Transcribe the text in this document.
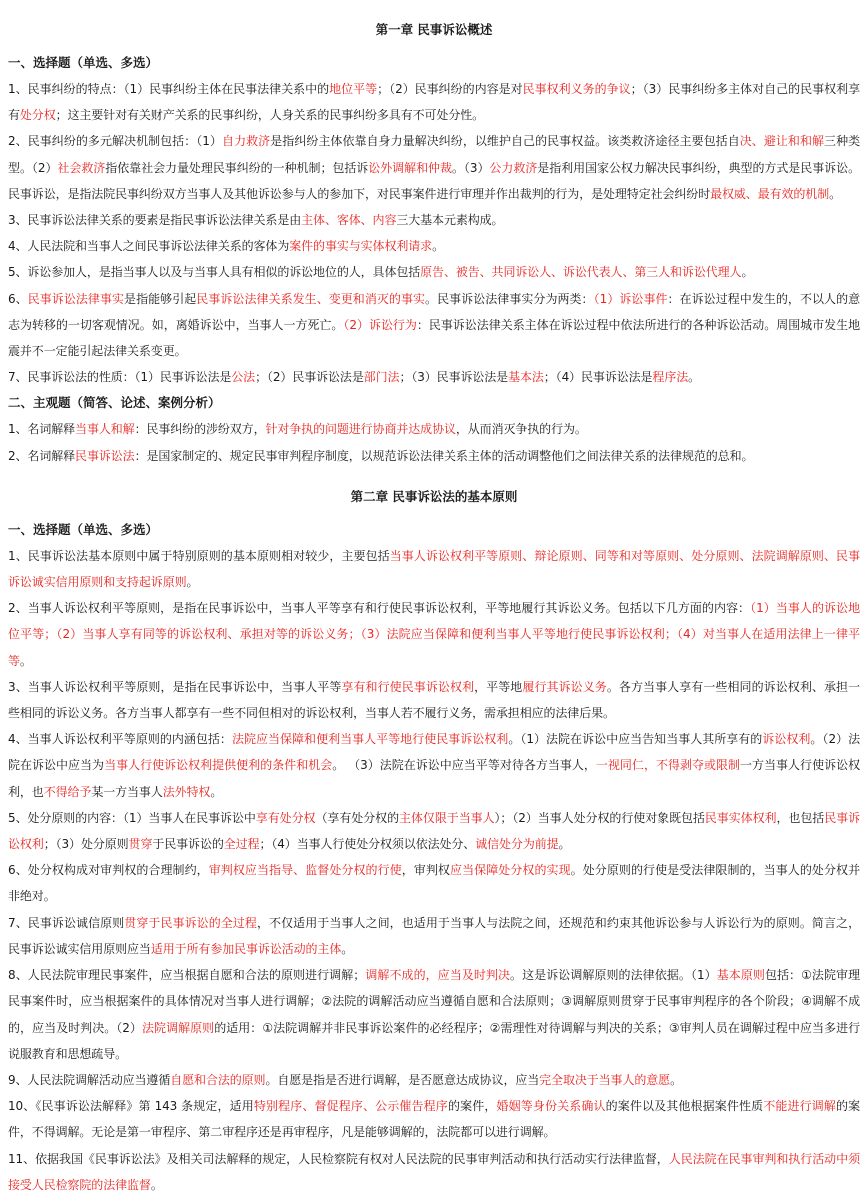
第一章 民事诉讼概述
一、选择题（单选、多选）

1、民事纠纷的特点：（1）民事纠纷主体在民事法律关系中的地位平等；（2）民事纠纷的内容是对民事权利义务的争议；（3）民事纠纷多主体对自己的民事权利享有处分权；这主要针对有关财产关系的民事纠纷，人身关系的民事纠纷多具有不可处分性。

2、民事纠纷的多元解决机制包括：（1）自力救济是指纠纷主体依靠自身力量解决纠纷，以维护自己的民事权益。该类救济途径主要包括自决、避让和和解三种类型。（2）社会救济指依靠社会力量处理民事纠纷的一种机制；包括诉讼外调解和仲裁。（3）公力救济是指利用国家公权力解决民事纠纷，典型的方式是民事诉讼。民事诉讼，是指法院民事纠纷双方当事人及其他诉讼参与人的参加下，对民事案件进行审理并作出裁判的行为，是处理特定社会纠纷时最权威、最有效的机制。

3、民事诉讼法律关系的要素是指民事诉讼法律关系是由主体、客体、内容三大基本元素构成。

4、人民法院和当事人之间民事诉讼法律关系的客体为案件的事实与实体权利请求。

5、诉讼参加人，是指当事人以及与当事人具有相似的诉讼地位的人，具体包括原告、被告、共同诉讼人、诉讼代表人、第三人和诉讼代理人。

6、民事诉讼法律事实是指能够引起民事诉讼法律关系发生、变更和消灭的事实。民事诉讼法律事实分为两类：（1）诉讼事件：在诉讼过程中发生的，不以人的意志为转移的一切客观情况。如，离婚诉讼中，当事人一方死亡。（2）诉讼行为：民事诉讼法律关系主体在诉讼过程中依法所进行的各种诉讼活动。周围城市发生地震并不一定能引起法律关系变更。

7、民事诉讼法的性质：（1）民事诉讼法是公法；（2）民事诉讼法是部门法；（3）民事诉讼法是基本法；（4）民事诉讼法是程序法。

二、主观题（简答、论述、案例分析）

1、名词解释当事人和解：民事纠纷的涉纷双方，针对争执的问题进行协商并达成协议，从而消灭争执的行为。

2、名词解释民事诉讼法：是国家制定的、规定民事审判程序制度，以规范诉讼法律关系主体的活动调整他们之间法律关系的法律规范的总和。

第二章 民事诉讼法的基本原则
一、选择题（单选、多选）

1、民事诉讼法基本原则中属于特别原则的基本原则相对较少，主要包括当事人诉讼权利平等原则、辩论原则、同等和对等原则、处分原则、法院调解原则、民事诉讼诚实信用原则和支持起诉原则。

2、当事人诉讼权利平等原则，是指在民事诉讼中，当事人平等享有和行使民事诉讼权利，平等地履行其诉讼义务。包括以下几方面的内容：（1）当事人的诉讼地位平等；（2）当事人享有同等的诉讼权利、承担对等的诉讼义务；（3）法院应当保障和便利当事人平等地行使民事诉讼权利；（4）对当事人在适用法律上一律平等。

3、当事人诉讼权利平等原则，是指在民事诉讼中，当事人平等享有和行使民事诉讼权利，平等地履行其诉讼义务。各方当事人享有一些相同的诉讼权利、承担一些相同的诉讼义务。各方当事人都享有一些不同但相对的诉讼权利，当事人若不履行义务，需承担相应的法律后果。

4、当事人诉讼权利平等原则的内涵包括：法院应当保障和便利当事人平等地行使民事诉讼权利。（1）法院在诉讼中应当告知当事人其所享有的诉讼权利。（2）法院在诉讼中应当为当事人行使诉讼权利提供便利的条件和机会。 （3）法院在诉讼中应当平等对待各方当事人，一视同仁，不得剥夺或限制一方当事人行使诉讼权利，也不得给予某一方当事人法外特权。

5、处分原则的内容：（1）当事人在民事诉讼中享有处分权（享有处分权的主体仅限于当事人）；（2）当事人处分权的行使对象既包括民事实体权利，也包括民事诉讼权利；（3）处分原则贯穿于民事诉讼的全过程；（4）当事人行使处分权须以依法处分、诚信处分为前提。

6、处分权构成对审判权的合理制约，审判权应当指导、监督处分权的行使，审判权应当保障处分权的实现。处分原则的行使是受法律限制的，当事人的处分权并非绝对。

7、民事诉讼诚信原则贯穿于民事诉讼的全过程，不仅适用于当事人之间，也适用于当事人与法院之间，还规范和约束其他诉讼参与人诉讼行为的原则。简言之，民事诉讼诚实信用原则应当适用于所有参加民事诉讼活动的主体。

8、人民法院审理民事案件，应当根据自愿和合法的原则进行调解；调解不成的，应当及时判决。这是诉讼调解原则的法律依据。（1）基本原则包括：①法院审理民事案件时，应当根据案件的具体情况对当事人进行调解；②法院的调解活动应当遵循自愿和合法原则；③调解原则贯穿于民事审判程序的各个阶段；④调解不成的，应当及时判决。（2）法院调解原则的适用：①法院调解并非民事诉讼案件的必经程序；②需理性对待调解与判决的关系；③审判人员在调解过程中应当多进行说服教育和思想疏导。

9、人民法院调解活动应当遵循自愿和合法的原则。自愿是指是否进行调解，是否愿意达成协议，应当完全取决于当事人的意愿。

10、《民事诉讼法解释》第 143 条规定，适用特别程序、督促程序、公示催告程序的案件，婚姻等身份关系确认的案件以及其他根据案件性质不能进行调解的案件，不得调解。无论是第一审程序、第二审程序还是再审程序，凡是能够调解的，法院都可以进行调解。

11、依据我国《民事诉讼法》及相关司法解释的规定，人民检察院有权对人民法院的民事审判活动和执行活动实行法律监督，人民法院在民事审判和执行活动中须接受人民检察院的法律监督。
